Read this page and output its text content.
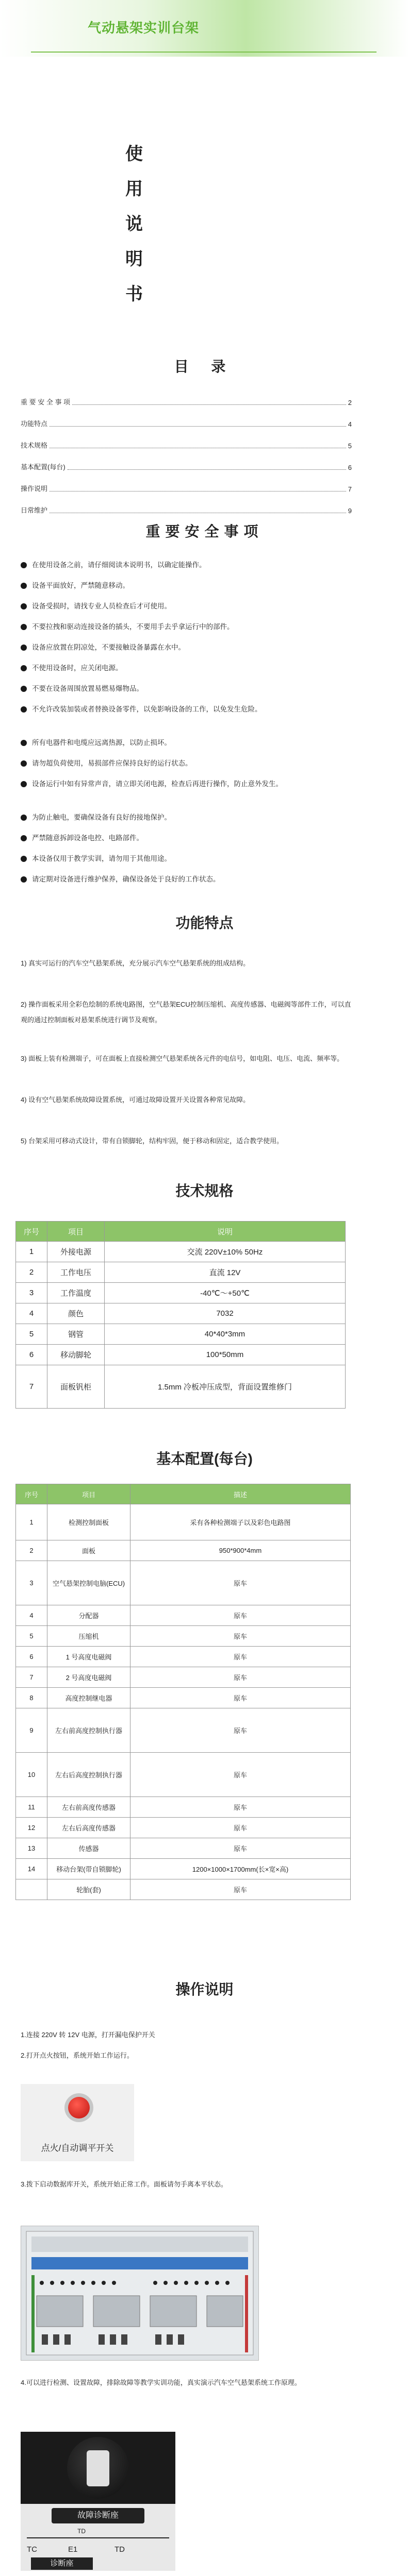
气动悬架实训台架
使
用
说
明
书
目 录
重 要 安 全 事 项	2
功能特点	4
技术规格	5
基本配置(每台)	6
操作说明	7
日常维护	9
重要安全事项
在使用设备之前，请仔细阅读本说明书，以确定能操作。
设备平面放好，严禁随意移动。
设备受损时，请找专业人员检查后才可使用。
不要拉拽和驱动连接设备的插头，不要用手去乎拿运行中的部件。
设备应放置在阴凉处，不要接触设备暴露在水中。
不使用设备时，应关闭电源。
不要在设备周围放置易燃易爆物品。
不允许改装加装或者替换设备零件，以免影响设备的工作，以免发生危险。
所有电器件和电缆应远离热源，以防止损坏。
请勿超负荷使用，易损部件应保持良好的运行状态。
设备运行中如有异常声音，请立即关闭电源，检查后再进行操作，防止意外发生。
为防止触电，要确保设备有良好的接地保护。
严禁随意拆卸设备电控、电路部件。
本设备仅用于教学实训，请勿用于其他用途。
请定期对设备进行维护保养，确保设备处于良好的工作状态。
功能特点
1) 真实可运行的汽车空气悬架系统，充分展示汽车空气悬架系统的组成结构。
2) 操作面板采用全彩色绘制的系统电路图，空气悬架ECU控制压缩机、高度传感器、电磁阀等部件工作，可以直观的通过控制面板对悬架系统进行调节及观察。
3) 面板上装有检测端子，可在面板上直接检测空气悬架系统各元件的电信号，如电阻、电压、电流、频率等。
4) 设有空气悬架系统故障设置系统，可通过故障设置开关设置各种常见故障。
5) 台架采用可移动式设计，带有自锁脚轮，结构牢固，便于移动和固定，适合教学使用。
技术规格
序号	项目	说明
1	外接电源	交流 220V±10% 50Hz
2	工作电压	直流 12V
3	工作温度	-40℃～+50℃
4	颜色	7032
5	钢管	40*40*3mm
6	移动脚轮	100*50mm
7	面板钒柜	1.5mm 冷板冲压成型，背面设置维修门
基本配置(每台)
序号	项目	描述
1	检测控制面板	采有各种检测端子以及彩色电路图
2	面板	950*900*4mm
3	空气悬架控制电脑(ECU)	原车
4	分配器	原车
5	压缩机	原车
6	1 号高度电磁阀	原车
7	2 号高度电磁阀	原车
8	高度控制继电器	原车
9	左右前高度控制执行器	原车
10	左右后高度控制执行器	原车
11	左右前高度传感器	原车
12	左右后高度传感器	原车
13	传感器	原车
14	移动台架(带自锁脚轮)	1200×1000×1700mm(长×宽×高)
	轮胎(套)	原车
操作说明
1.连接 220V 转 12V 电源，打开漏电保护开关
2.打开点火按钮，系统开始工作运行。
点火/自动调平开关
3.拨下启动数据库开关，系统开始正常工作。面板请勿手离本平状态。
4.可以进行检测、设置故障，排除故障等教学实训功能，真实演示汽车空气悬架系统工作原理。
故障诊断座
TD
TC	E1	TD
诊断座
